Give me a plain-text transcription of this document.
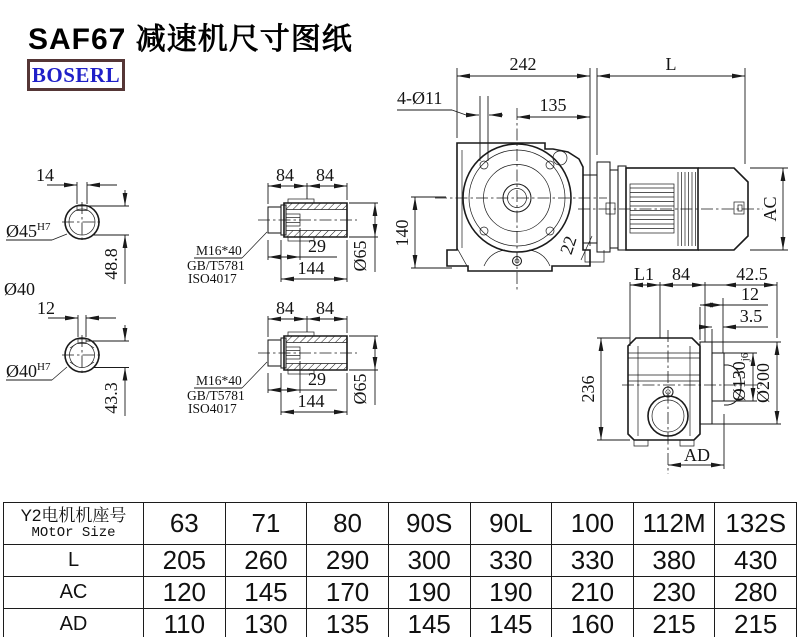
SAF67 减速机尺寸图纸
BOSERL	242	L
4-Ø11	135
140	22
AC
L1 84	42.5
12
3.5
236	Ø130j6
Ø200
AD
84 84
29
144 Ø65
M16*40
GB/T5781
ISO4017
14
$Ø45^{H7}$
48.8
Ø40
12
$Ø40^{H7}$
43.3
Y2电机机座号
MOtOr Size	63	71	80	90S	90L	100	112M	132S
L	205	260	290	300	330	330	380	430
AC	120	145	170	190	190	210	230	280
AD	110	130	135	145	145	160	215	215
